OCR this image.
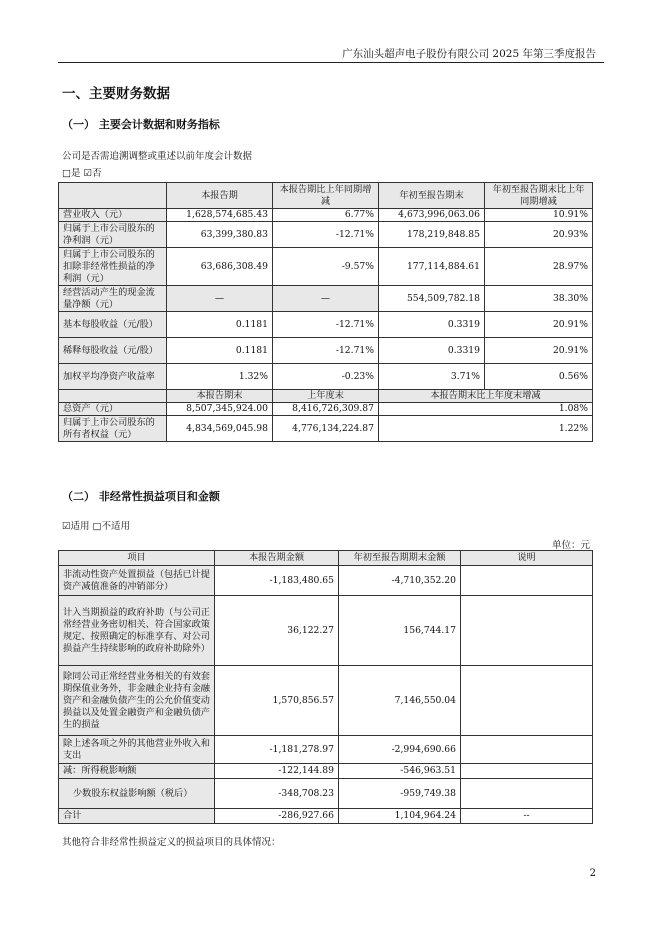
广东汕头超声电子股份有限公司 2025 年第三季度报告
一、主要财务数据
（一） 主要会计数据和财务指标
公司是否需追溯调整或重述以前年度会计数据
□是 ☑否
	本报告期	本报告期比上年同期增减	年初至报告期末	年初至报告期末比上年同期增减
营业收入（元）	1,628,574,685.43	6.77%	4,673,996,063.06	10.91%
归属于上市公司股东的净利润（元）	63,399,380.83	-12.71%	178,219,848.85	20.93%
归属于上市公司股东的扣除非经常性损益的净利润（元）	63,686,308.49	-9.57%	177,114,884.61	28.97%
经营活动产生的现金流量净额（元）	—	—	554,509,782.18	38.30%
基本每股收益（元/股）	0.1181	-12.71%	0.3319	20.91%
稀释每股收益（元/股）	0.1181	-12.71%	0.3319	20.91%
加权平均净资产收益率	1.32%	-0.23%	3.71%	0.56%
	本报告期末	上年度末	本报告期末比上年度末增减	
总资产（元）	8,507,345,924.00	8,416,726,309.87	1.08%	
归属于上市公司股东的所有者权益（元）	4,834,569,045.98	4,776,134,224.87	1.22%	
（二） 非经常性损益项目和金额
☑适用 □不适用
单位：元
项目	本报告期金额	年初至报告期期末金额	说明
非流动性资产处置损益（包括已计提资产减值准备的冲销部分）	-1,183,480.65	-4,710,352.20	
计入当期损益的政府补助（与公司正常经营业务密切相关、符合国家政策规定、按照确定的标准享有、对公司损益产生持续影响的政府补助除外）	36,122.27	156,744.17	
除同公司正常经营业务相关的有效套期保值业务外，非金融企业持有金融资产和金融负债产生的公允价值变动损益以及处置金融资产和金融负债产生的损益	1,570,856.57	7,146,550.04	
除上述各项之外的其他营业外收入和支出	-1,181,278.97	-2,994,690.66	
减：所得税影响额	-122,144.89	-546,963.51	
少数股东权益影响额（税后）	-348,708.23	-959,749.38	
合计	-286,927.66	1,104,964.24	--
其他符合非经常性损益定义的损益项目的具体情况：
2
